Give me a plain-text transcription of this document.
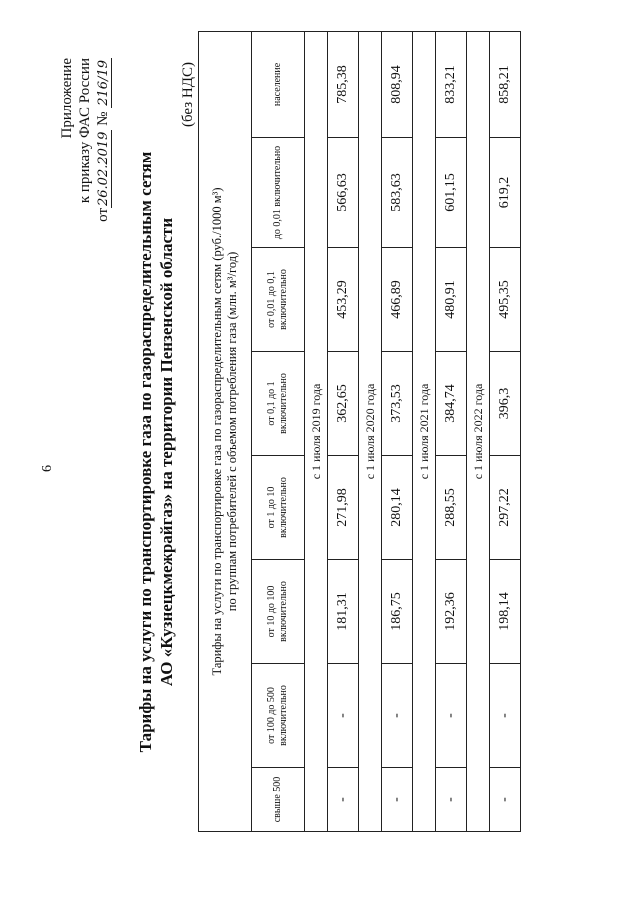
6
Приложение к приказу ФАС России
от26.02.2019 № 216/19
Тарифы на услуги по транспортировке газа по газораспределительным сетям АО «Кузнецкмежрайгаз» на территории Пензенской области
(без НДС)
Тарифы на услуги по транспортировке газа по газораспределительным сетям (руб./1000 м³) по группам потребителей с объемом потребления газа (млн. м³/год)							

свыше 500	от 100 до 500 включительно	от 10 до 100 включительно	от 1 до 10 включительно	от 0,1 до 1 включительно	от 0,01 до 0,1 включительно	до 0,01 включительно	население
с 1 июля 2019 года							
-	-	181,31	271,98	362,65	453,29	566,63	785,38
с 1 июля 2020 года							
-	-	186,75	280,14	373,53	466,89	583,63	808,94
с 1 июля 2021 года							
-	-	192,36	288,55	384,74	480,91	601,15	833,21
с 1 июля 2022 года							
-	-	198,14	297,22	396,3	495,35	619,2	858,21
